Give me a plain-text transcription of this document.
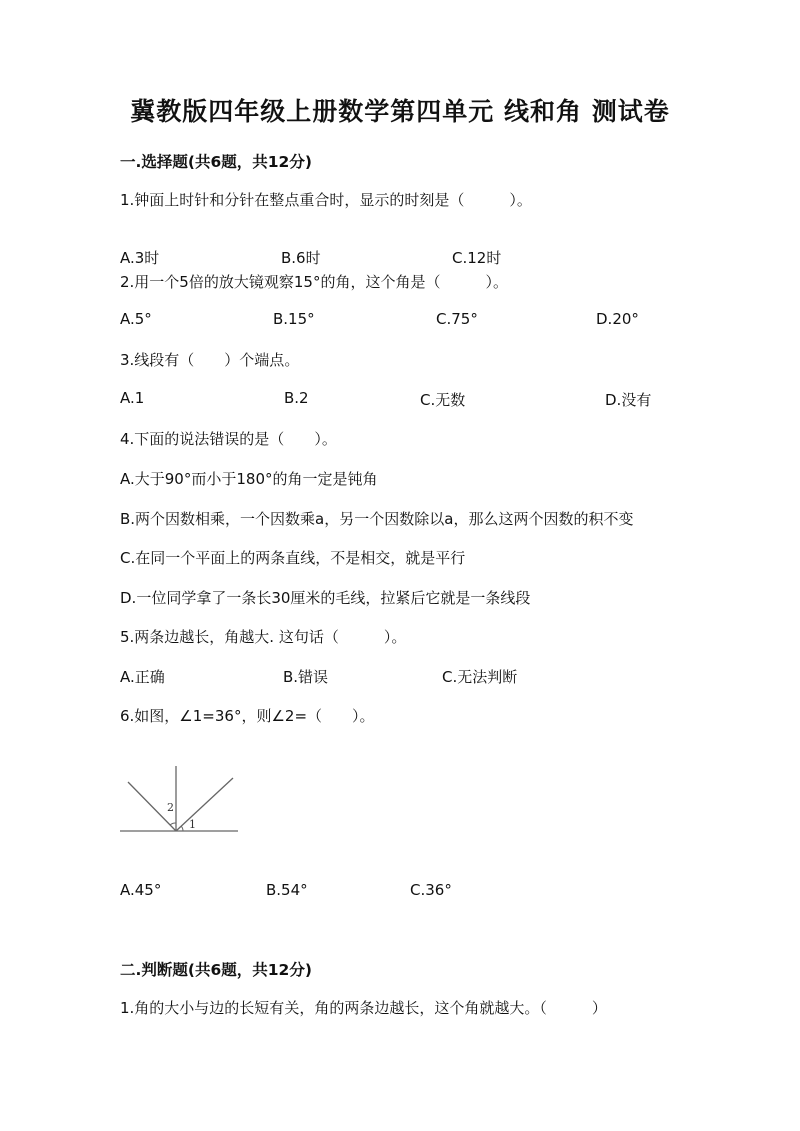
冀教版四年级上册数学第四单元 线和角 测试卷
一.选择题(共6题，共12分)
1.钟面上时针和分针在整点重合时，显示的时刻是（　　　）。
A.3时	B.6时	C.12时
2.用一个5倍的放大镜观察15°的角，这个角是（　　　）。
A.5°	B.15°	C.75°	D.20°
3.线段有（　　）个端点。
A.1	B.2	C.无数	D.没有
4.下面的说法错误的是（　　）。
A.大于90°而小于180°的角一定是钝角
B.两个因数相乘，一个因数乘a，另一个因数除以a，那么这两个因数的积不变
C.在同一个平面上的两条直线，不是相交，就是平行
D.一位同学拿了一条长30厘米的毛线，拉紧后它就是一条线段
5.两条边越长，角越大. 这句话（　　　）。
A.正确	B.错误	C.无法判断
6.如图，∠1=36°，则∠2=（　　）。
2
1
A.45°	B.54°	C.36°
二.判断题(共6题，共12分)
1.角的大小与边的长短有关，角的两条边越长，这个角就越大。（　　　）
